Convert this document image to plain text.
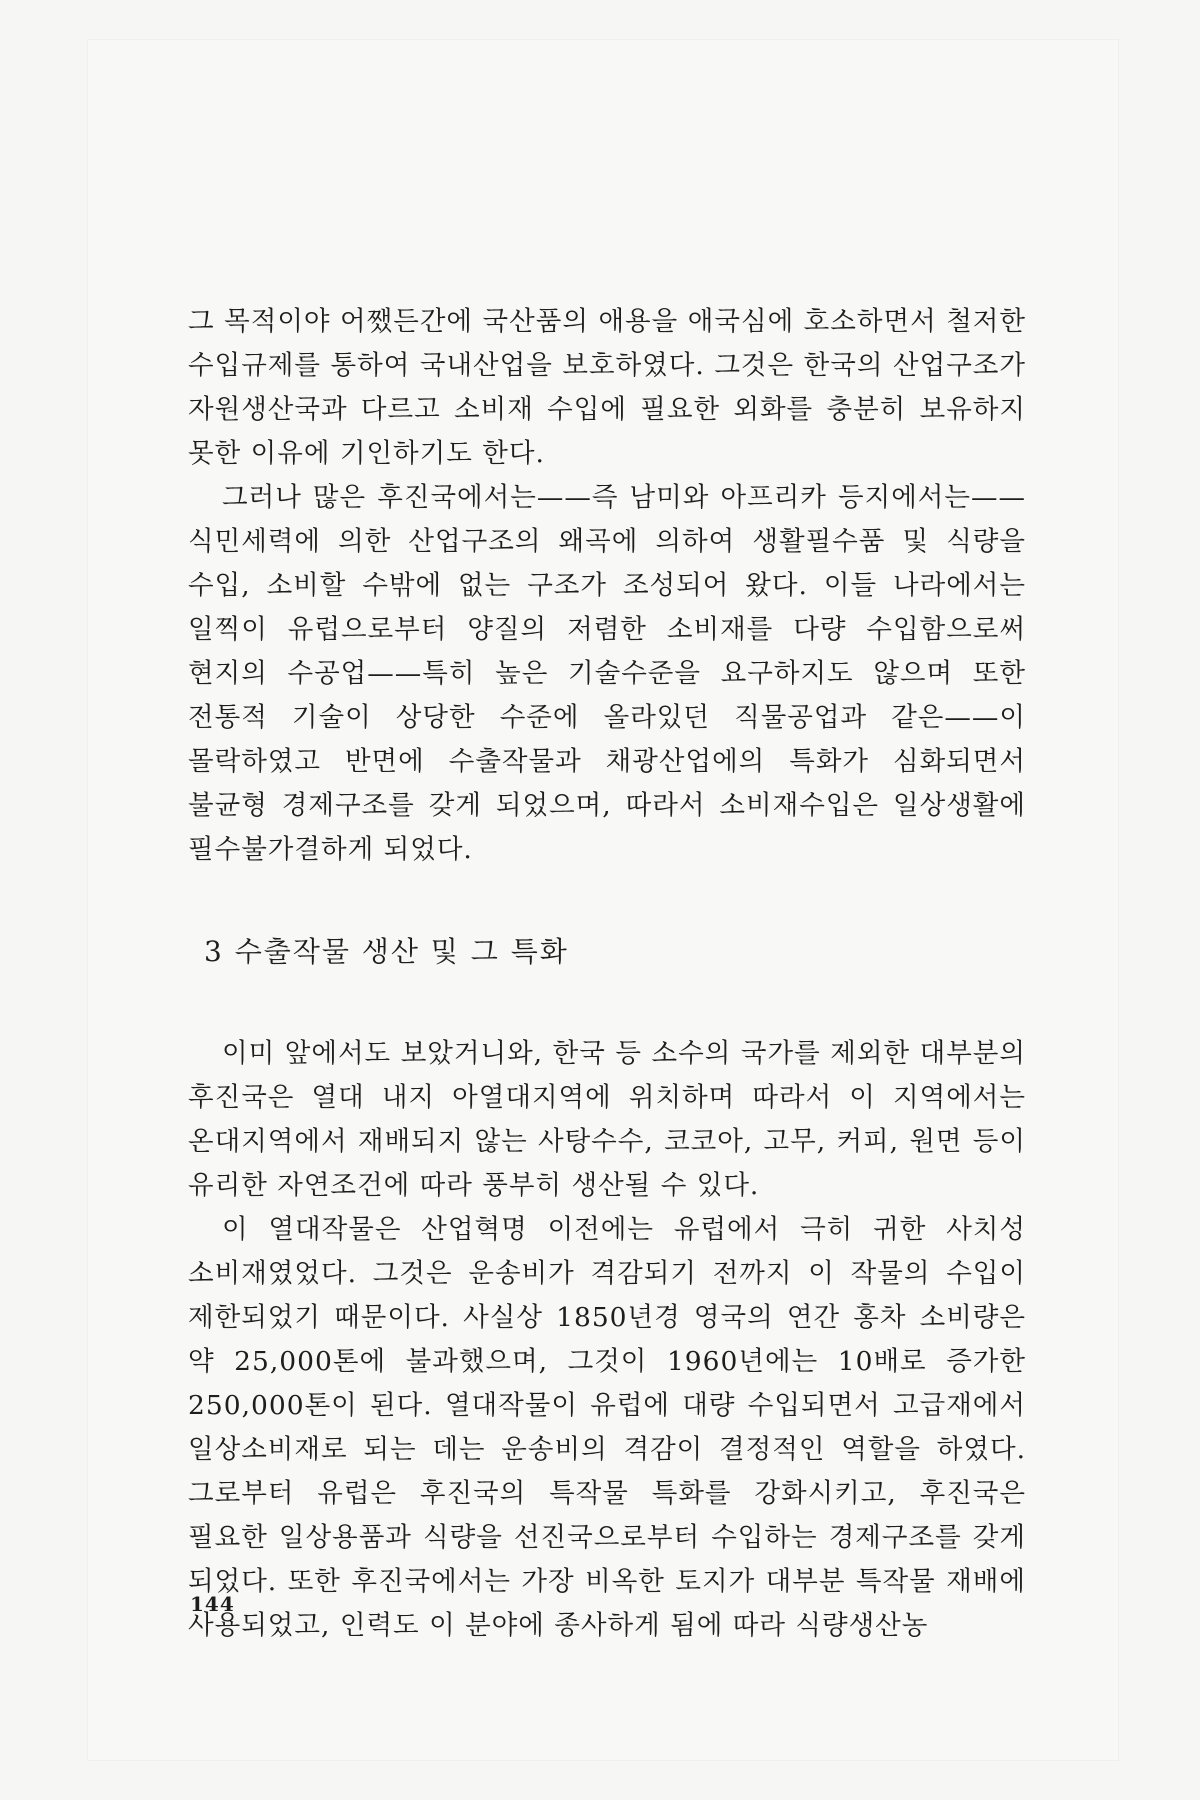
그 목적이야 어쨌든간에 국산품의 애용을 애국심에 호소하면서 철저한 수입규제를 통하여 국내산업을 보호하였다. 그것은 한국의 산업구조가 자원생산국과 다르고 소비재 수입에 필요한 외화를 충분히 보유하지 못한 이유에 기인하기도 한다.

그러나 많은 후진국에서는——즉 남미와 아프리카 등지에서는——식민세력에 의한 산업구조의 왜곡에 의하여 생활필수품 및 식량을 수입, 소비할 수밖에 없는 구조가 조성되어 왔다. 이들 나라에서는 일찍이 유럽으로부터 양질의 저렴한 소비재를 다량 수입함으로써 현지의 수공업——특히 높은 기술수준을 요구하지도 않으며 또한 전통적 기술이 상당한 수준에 올라있던 직물공업과 같은——이 몰락하였고 반면에 수출작물과 채광산업에의 특화가 심화되면서 불균형 경제구조를 갖게 되었으며, 따라서 소비재수입은 일상생활에 필수불가결하게 되었다.

3 수출작물 생산 및 그 특화

이미 앞에서도 보았거니와, 한국 등 소수의 국가를 제외한 대부분의 후진국은 열대 내지 아열대지역에 위치하며 따라서 이 지역에서는 온대지역에서 재배되지 않는 사탕수수, 코코아, 고무, 커피, 원면 등이 유리한 자연조건에 따라 풍부히 생산될 수 있다.

이 열대작물은 산업혁명 이전에는 유럽에서 극히 귀한 사치성 소비재였었다. 그것은 운송비가 격감되기 전까지 이 작물의 수입이 제한되었기 때문이다. 사실상 1850년경 영국의 연간 홍차 소비량은 약 25,000톤에 불과했으며, 그것이 1960년에는 10배로 증가한 250,000톤이 된다. 열대작물이 유럽에 대량 수입되면서 고급재에서 일상소비재로 되는 데는 운송비의 격감이 결정적인 역할을 하였다. 그로부터 유럽은 후진국의 특작물 특화를 강화시키고, 후진국은 필요한 일상용품과 식량을 선진국으로부터 수입하는 경제구조를 갖게 되었다. 또한 후진국에서는 가장 비옥한 토지가 대부분 특작물 재배에 사용되었고, 인력도 이 분야에 종사하게 됨에 따라 식량생산농

144
